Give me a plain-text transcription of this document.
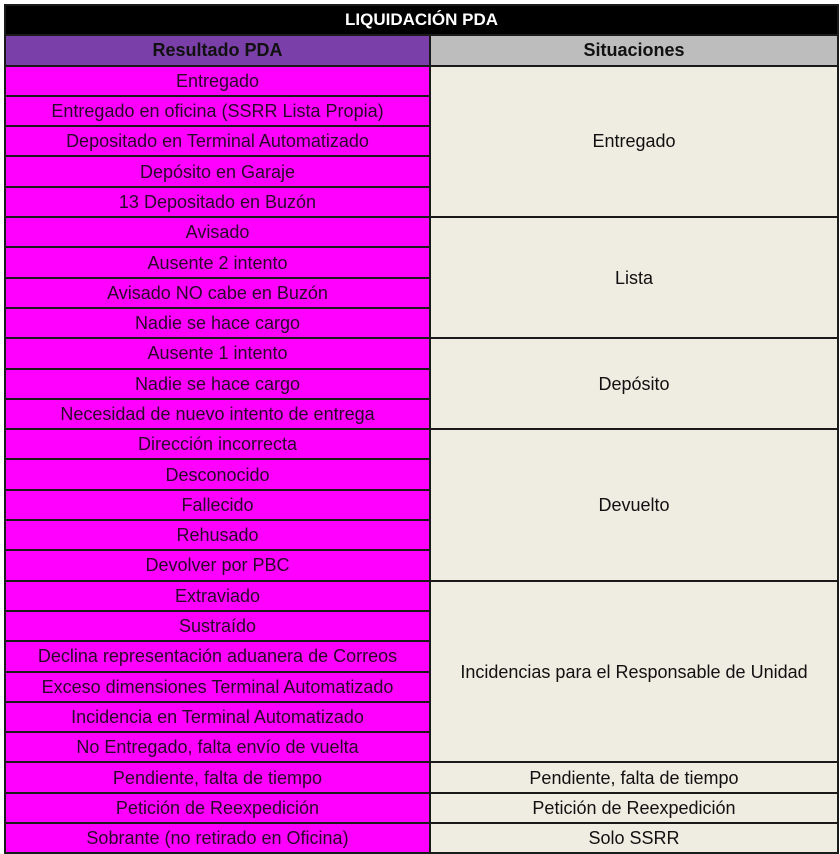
LIQUIDACIÓN PDA	
Resultado PDA	Situaciones
Entregado	Entregado
Entregado en oficina (SSRR Lista Propia)	
Depositado en Terminal Automatizado	
Depósito en Garaje	
13 Depositado en Buzón	
Avisado	Lista
Ausente 2 intento	
Avisado NO cabe en Buzón	
Nadie se hace cargo	
Ausente 1 intento	Depósito
Nadie se hace cargo	
Necesidad de nuevo intento de entrega	
Dirección incorrecta	Devuelto
Desconocido	
Fallecido	
Rehusado	
Devolver por PBC	
Extraviado	Incidencias para el Responsable de Unidad
Sustraído	
Declina representación aduanera de Correos	
Exceso dimensiones Terminal Automatizado	
Incidencia en Terminal Automatizado	
No Entregado, falta envío de vuelta	
Pendiente, falta de tiempo	Pendiente, falta de tiempo
Petición de Reexpedición	Petición de Reexpedición
Sobrante (no retirado en Oficina)	Solo SSRR
